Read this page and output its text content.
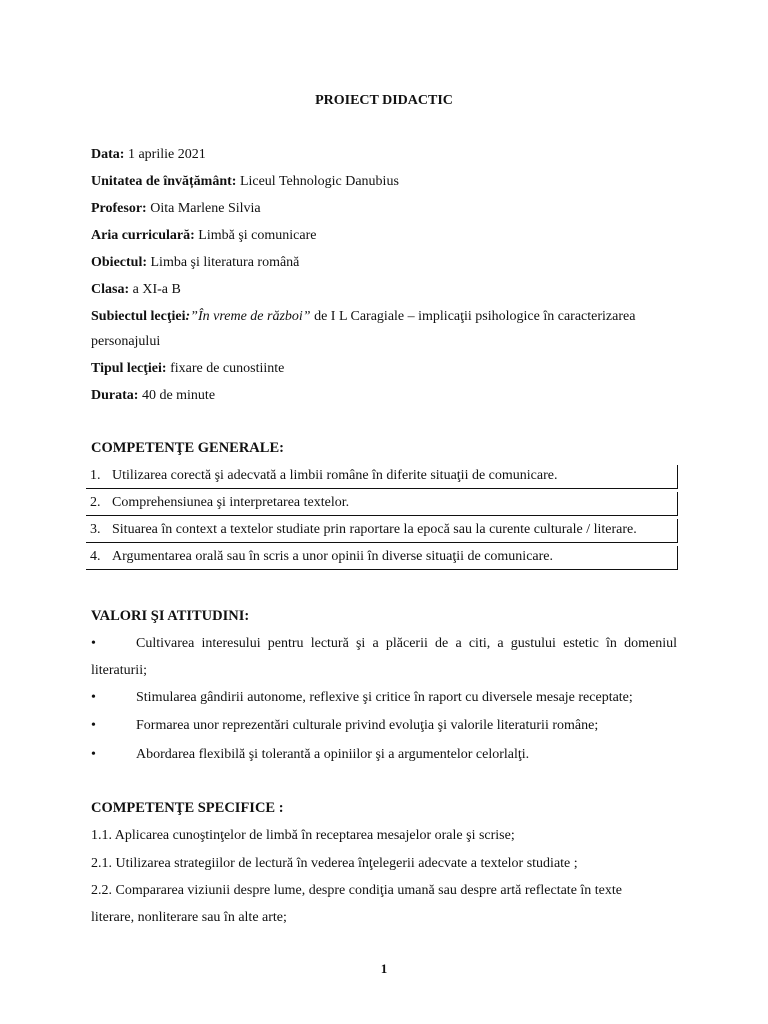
PROIECT DIDACTIC
Data: 1 aprilie 2021
Unitatea de învățământ: Liceul Tehnologic Danubius
Profesor: Oita Marlene Silvia
Aria curriculară: Limbă şi comunicare
Obiectul: Limba şi literatura română
Clasa: a XI-a B
Subiectul lecţiei:”În vreme de război” de I L Caragiale – implicaţii psihologice în caracterizarea
personajului
Tipul lecţiei: fixare de cunostiinte
Durata: 40 de minute
COMPETENŢE GENERALE:
1. Utilizarea corectă şi adecvată a limbii române în diferite situaţii de comunicare.
2. Comprehensiunea şi interpretarea textelor.
3. Situarea în context a textelor studiate prin raportare la epocă sau la curente culturale / literare.
4. Argumentarea orală sau în scris a unor opinii în diverse situaţii de comunicare.
VALORI ŞI ATITUDINI:
•	Cultivarea interesului pentru lectură şi a plăcerii de a citi, a gustului estetic în domeniul
literaturii;
•	Stimularea gândirii autonome, reflexive şi critice în raport cu diversele mesaje receptate;
•	Formarea unor reprezentări culturale privind evoluţia şi valorile literaturii române;
•	Abordarea flexibilă şi tolerantă a opiniilor şi a argumentelor celorlalţi.
COMPETENŢE SPECIFICE :
1.1. Aplicarea cunoştinţelor de limbă în receptarea mesajelor orale şi scrise;
2.1. Utilizarea strategiilor de lectură în vederea înţelegerii adecvate a textelor studiate ;
2.2. Compararea viziunii despre lume, despre condiţia umană sau despre artă reflectate în texte
literare, nonliterare sau în alte arte;
1
